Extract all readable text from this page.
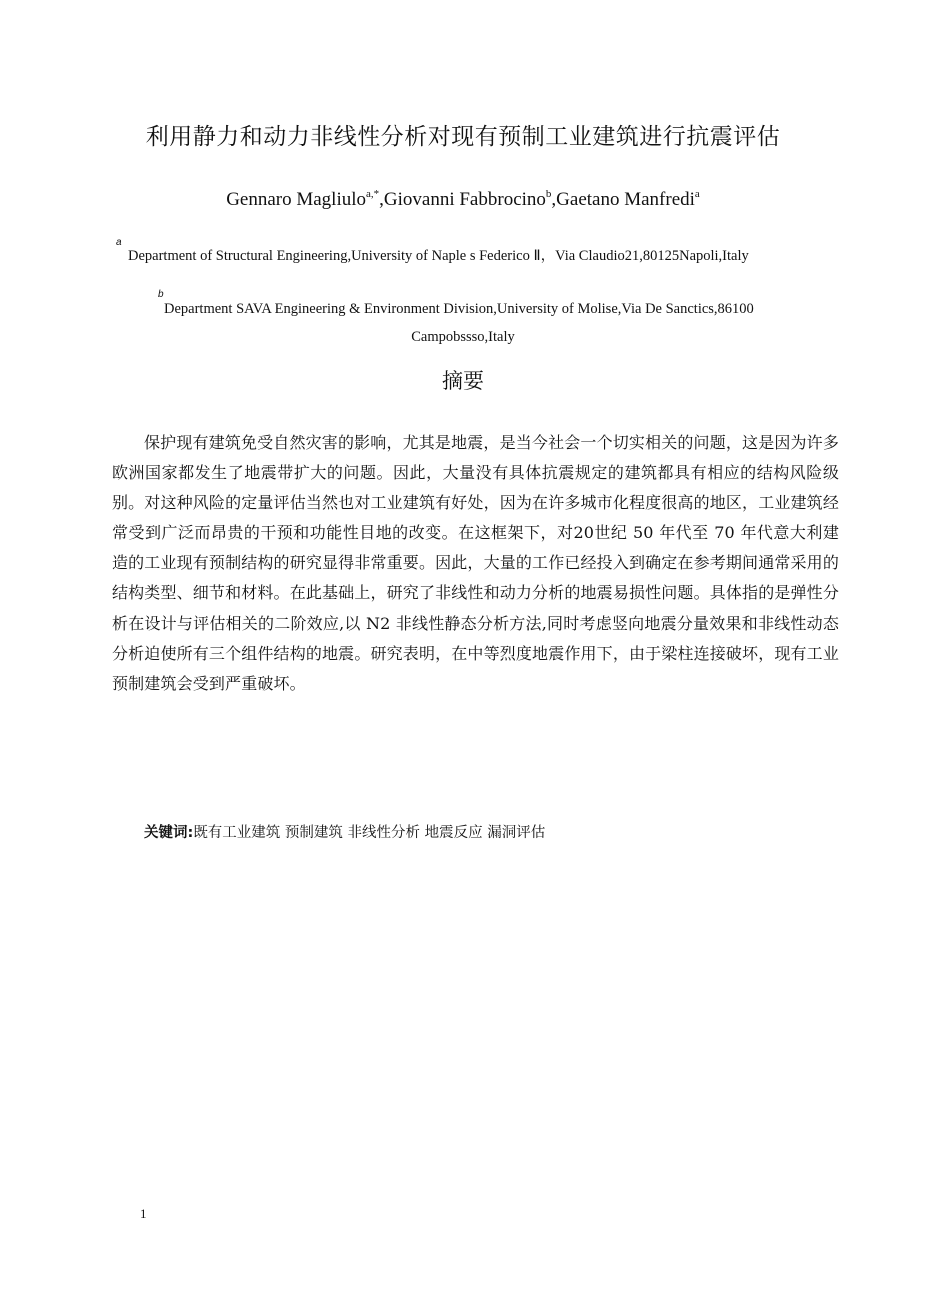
利用静力和动力非线性分析对现有预制工业建筑进行抗震评估
Gennaro Magliulo$^{a,*}$,Giovanni Fabbrocino$^b$,Gaetano Manfredi$^a$
a
Department of Structural Engineering,University of Naple s Federico Ⅱ，Via Claudio21,80125Napoli,Italy
b
Department SAVA Engineering & Environment Division,University of Molise,Via De Sanctics,86100
Campobssso,Italy
摘要
保护现有建筑免受自然灾害的影响，尤其是地震，是当今社会一个切实相关的问题，这是因为许多欧洲国家都发生了地震带扩大的问题。因此，大量没有具体抗震规定的建筑都具有相应的结构风险级别。对这种风险的定量评估当然也对工业建筑有好处，因为在许多城市化程度很高的地区，工业建筑经常受到广泛而昂贵的干预和功能性目地的改变。在这框架下，对20世纪 50 年代至 70 年代意大利建造的工业现有预制结构的研究显得非常重要。因此，大量的工作已经投入到确定在参考期间通常采用的结构类型、细节和材料。在此基础上，研究了非线性和动力分析的地震易损性问题。具体指的是弹性分析在设计与评估相关的二阶效应,以 N2 非线性静态分析方法,同时考虑竖向地震分量效果和非线性动态分析迫使所有三个组件结构的地震。研究表明，在中等烈度地震作用下，由于梁柱连接破坏，现有工业预制建筑会受到严重破坏。
关键词:既有工业建筑 预制建筑 非线性分析 地震反应 漏洞评估
1
